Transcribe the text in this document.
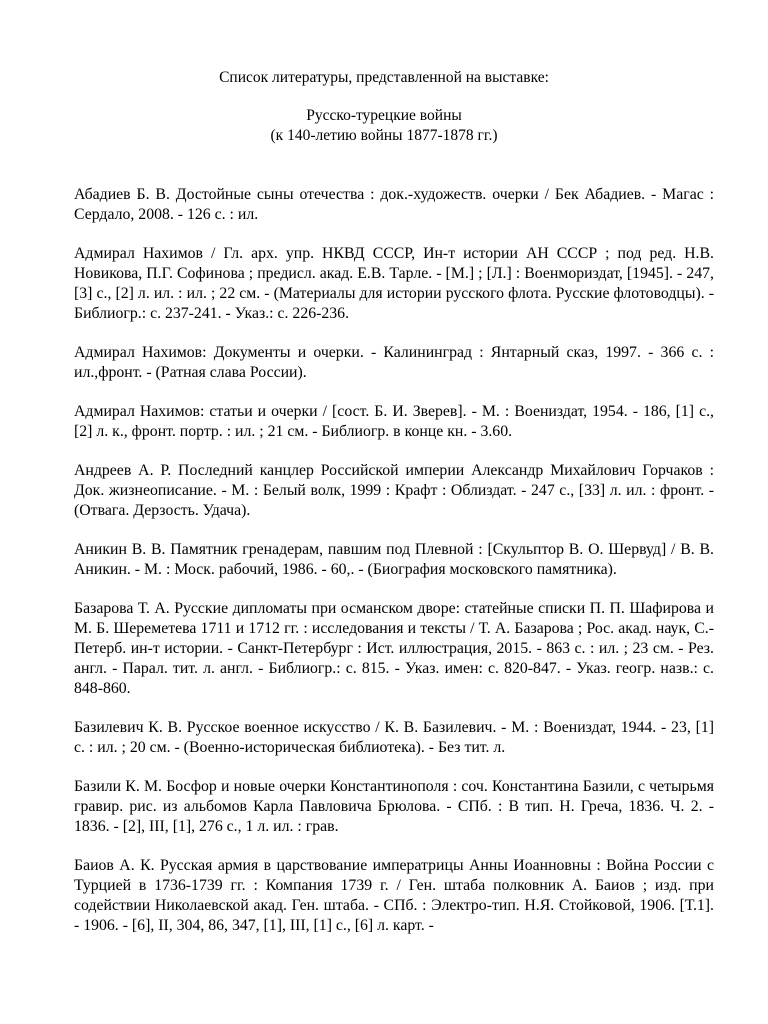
Список литературы, представленной на выставке:
Русско-турецкие войны
(к 140-летию войны 1877-1878 гг.)

Абадиев Б. В. Достойные сыны отечества : док.-художеств. очерки / Бек Абадиев. - Магас : Сердало, 2008. - 126 с. : ил.

Адмирал Нахимов / Гл. арх. упр. НКВД СССР, Ин-т истории АН СССР ; под ред. Н.В. Новикова, П.Г. Софинова ; предисл. акад. Е.В. Тарле. - [М.] ; [Л.] : Военмориздат, [1945]. - 247, [3] с., [2] л. ил. : ил. ; 22 см. - (Материалы для истории русского флота. Русские флотоводцы). - Библиогр.: с. 237-241. - Указ.: с. 226-236.

Адмирал Нахимов: Документы и очерки. - Калининград : Янтарный сказ, 1997. - 366 с. : ил.,фронт. - (Ратная слава России).

Адмирал Нахимов: статьи и очерки / [сост. Б. И. Зверев]. - М. : Воениздат, 1954. - 186, [1] с., [2] л. к., фронт. портр. : ил. ; 21 см. - Библиогр. в конце кн. - 3.60.

Андреев А. Р. Последний канцлер Российской империи Александр Михайлович Горчаков : Док. жизнеописание. - М. : Белый волк, 1999 : Крафт : Облиздат. - 247 с., [33] л. ил. : фронт. - (Отвага. Дерзость. Удача).

Аникин В. В. Памятник гренадерам, павшим под Плевной : [Скульптор В. О. Шервуд] / В. В. Аникин. - М. : Моск. рабочий, 1986. - 60,. - (Биография московского памятника).

Базарова Т. А. Русские дипломаты при османском дворе: статейные списки П. П. Шафирова и М. Б. Шереметева 1711 и 1712 гг. : исследования и тексты / Т. А. Базарова ; Рос. акад. наук, С.-Петерб. ин-т истории. - Санкт-Петербург : Ист. иллюстрация, 2015. - 863 с. : ил. ; 23 см. - Рез. англ. - Парал. тит. л. англ. - Библиогр.: с. 815. - Указ. имен: с. 820-847. - Указ. геогр. назв.: с. 848-860.

Базилевич К. В. Русское военное искусство / К. В. Базилевич. - М. : Воениздат, 1944. - 23, [1] с. : ил. ; 20 см. - (Военно-историческая библиотека). - Без тит. л.

Базили К. М. Босфор и новые очерки Константинополя : соч. Константина Базили, с четырьмя гравир. рис. из альбомов Карла Павловича Брюлова. - СПб. : В тип. Н. Греча, 1836. Ч. 2. - 1836. - [2], III, [1], 276 с., 1 л. ил. : грав.

Баиов А. К. Русская армия в царствование императрицы Анны Иоанновны : Война России с Турцией в 1736-1739 гг. : Компания 1739 г. / Ген. штаба полковник А. Баиов ; изд. при содействии Николаевской акад. Ген. штаба. - СПб. : Электро-тип. Н.Я. Стойковой, 1906. [Т.1]. - 1906. - [6], II, 304, 86, 347, [1], III, [1] с., [6] л. карт. -
